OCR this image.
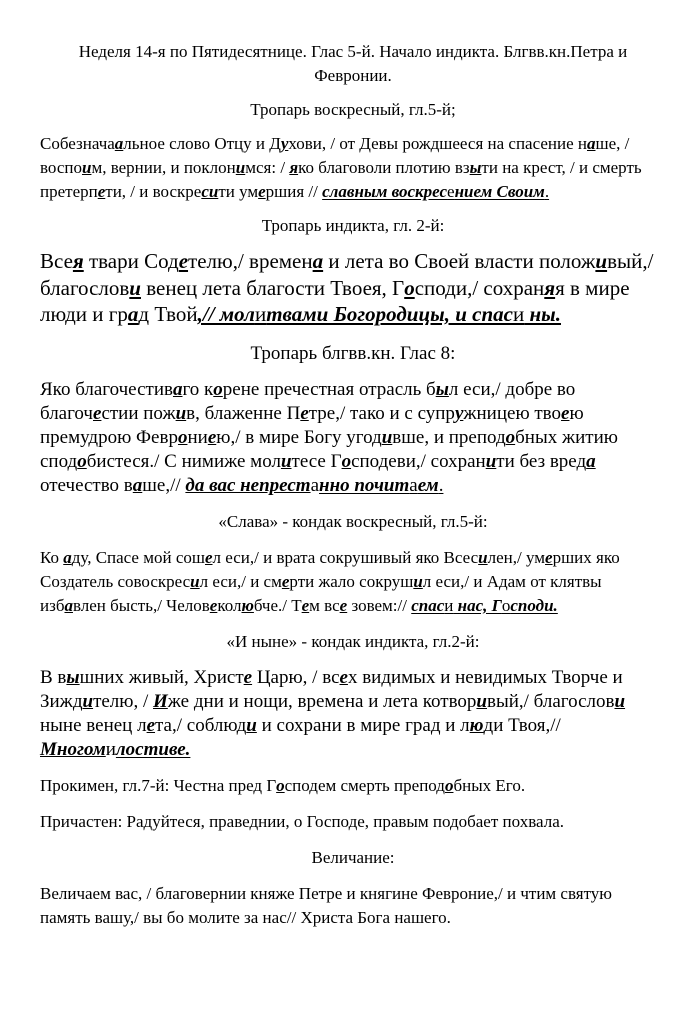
Неделя 14-я по Пятидесятнице. Глас 5-й. Начало индикта. Блгвв.кн.Петра и Февронии.

Тропарь воскресный, гл.5-й;

Собезначаальное слово Отцу и Духови, / от Девы рождшееся на спасение наше, / воспоим, вернии, и поклонимся: / яко благоволи плотию взыти на крест, / и смерть претерпети, / и воскресити умершия // славным воскресением Своим.

Тропарь индикта, гл. 2-й:

Всея твари Содетелю,/ времена и лета во Своей власти положивый,/ благослови венец лета благости Твоея, Господи,/ сохраняя в мире люди и град Твой,// молитвами Богородицы, и спаси ны.

Тропарь блгвв.кн. Глас 8:

Яко благочестиваго корене пречестная отрасль был еси,/ добре во благочестии пожив, блаженне Петре,/ тако и с супружницею твоею премудрою Феврониею,/ в мире Богу угодивше, и преподобных житию сподобистеся./ С нимиже молитесе Господеви,/ сохранити без вреда отечество ваше,// да вас непрестанно почитаем.

«Слава» - кондак воскресный, гл.5-й:

Ко аду, Спасе мой сошел еси,/ и врата сокрушивый яко Всесилен,/ умерших яко Создатель совоскресил еси,/ и смерти жало сокрушил еси,/ и Адам от клятвы избавлен бысть,/ Человеколюбче./ Тем все зовем:// спаси нас, Господи.

«И ныне» - кондак индикта, гл.2-й:

В вышних живый, Христе Царю, / всех видимых и невидимых Творче и Зиждителю, / Иже дни и нощи, времена и лета котворивый,/ благослови ныне венец лета,/ соблюди и сохрани в мире град и люди Твоя,// Многомилостиве.

Прокимен, гл.7-й: Честна пред Господем смерть преподобных Его.

Причастен: Радуйтеся, праведнии, о Господе, правым подобает похвала.

Величание:

Величаем вас, / благовернии княже Петре и княгине Февроние,/ и чтим святую память вашу,/ вы бо молите за нас// Христа Бога нашего.
